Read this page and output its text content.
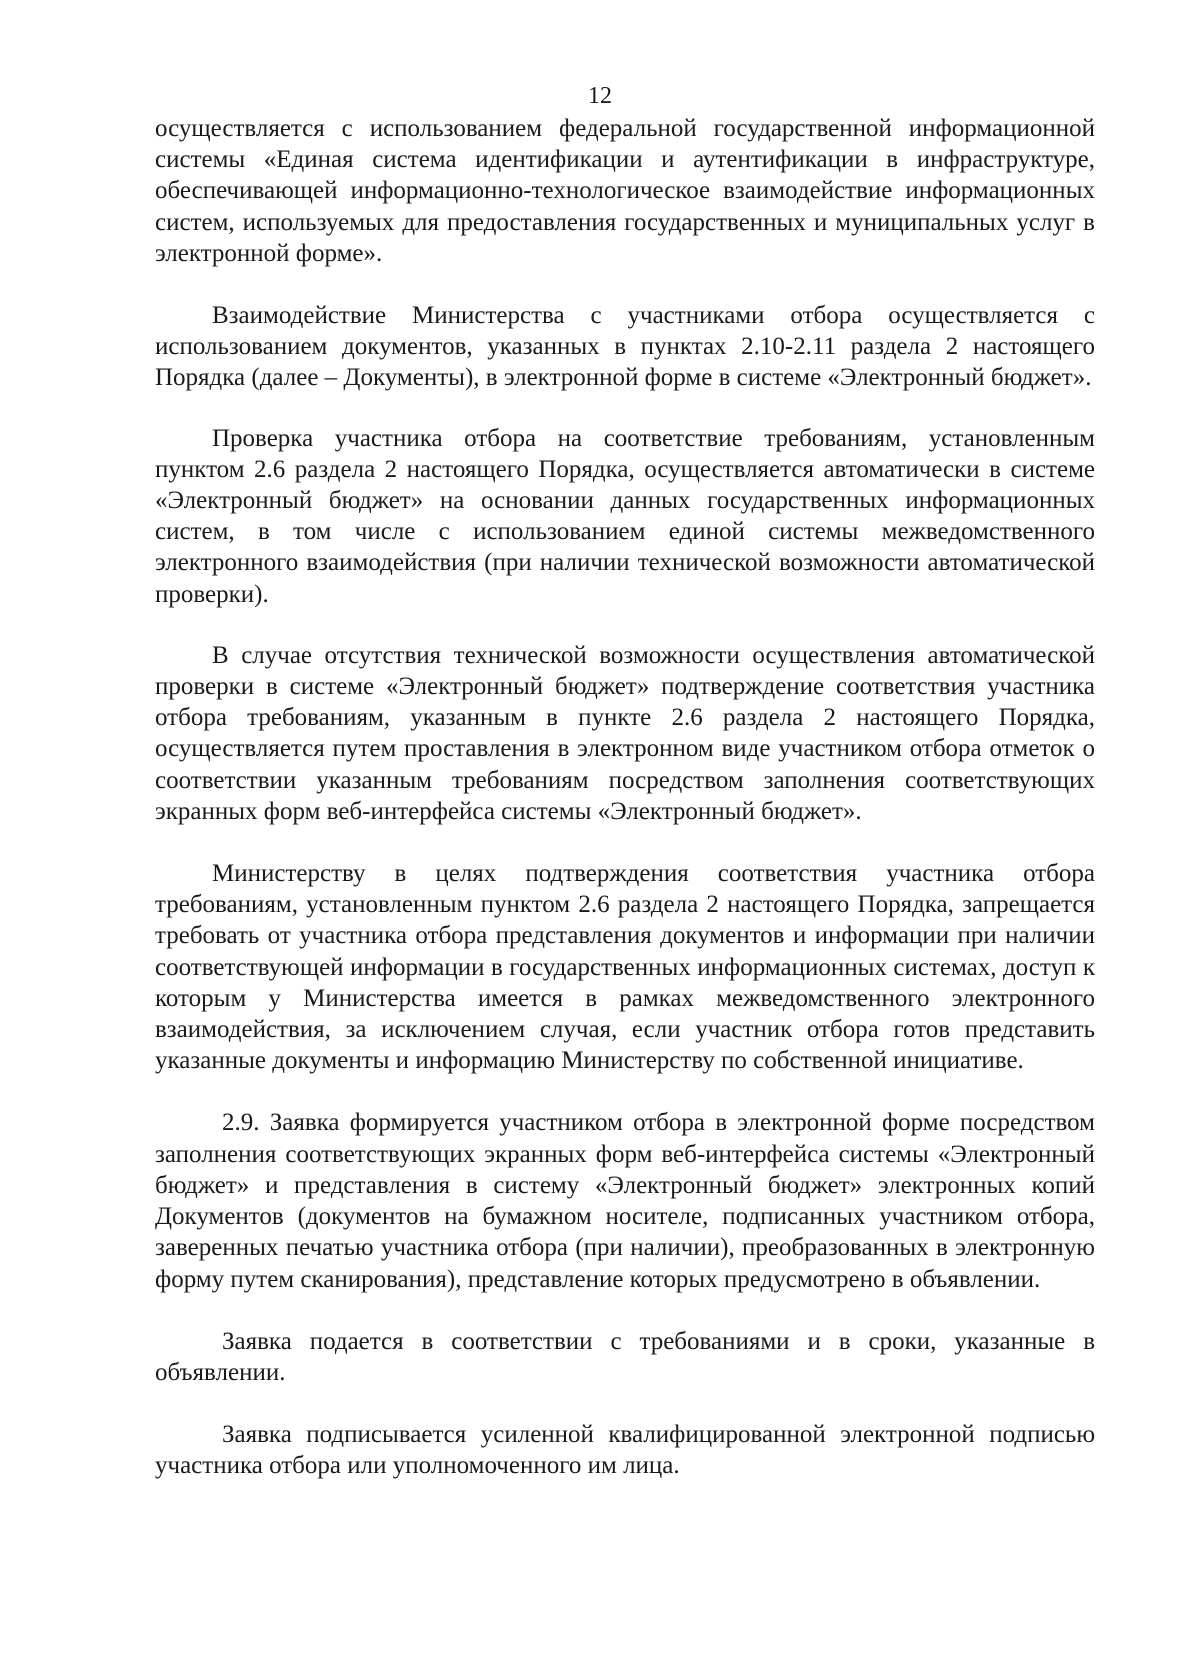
12

осуществляется с использованием федеральной государственной информационной системы «Единая система идентификации и аутентификации в инфраструктуре, обеспечивающей информационно-технологическое взаимодействие информационных систем, используемых для предоставления государственных и муниципальных услуг в электронной форме».

Взаимодействие Министерства с участниками отбора осуществляется с использованием документов, указанных в пунктах 2.10-2.11 раздела 2 настоящего Порядка (далее – Документы), в электронной форме в системе «Электронный бюджет».

Проверка участника отбора на соответствие требованиям, установленным пунктом 2.6 раздела 2 настоящего Порядка, осуществляется автоматически в системе «Электронный бюджет» на основании данных государственных информационных систем, в том числе с использованием единой системы межведомственного электронного взаимодействия (при наличии технической возможности автоматической проверки).

В случае отсутствия технической возможности осуществления автоматической проверки в системе «Электронный бюджет» подтверждение соответствия участника отбора требованиям, указанным в пункте 2.6 раздела 2 настоящего Порядка, осуществляется путем проставления в электронном виде участником отбора отметок о соответствии указанным требованиям посредством заполнения соответствующих экранных форм веб-интерфейса системы «Электронный бюджет».

Министерству в целях подтверждения соответствия участника отбора требованиям, установленным пунктом 2.6 раздела 2 настоящего Порядка, запрещается требовать от участника отбора представления документов и информации при наличии соответствующей информации в государственных информационных системах, доступ к которым у Министерства имеется в рамках межведомственного электронного взаимодействия, за исключением случая, если участник отбора готов представить указанные документы и информацию Министерству по собственной инициативе.

2.9. Заявка формируется участником отбора в электронной форме посредством заполнения соответствующих экранных форм веб-интерфейса системы «Электронный бюджет» и представления в систему «Электронный бюджет» электронных копий Документов (документов на бумажном носителе, подписанных участником отбора, заверенных печатью участника отбора (при наличии), преобразованных в электронную форму путем сканирования), представление которых предусмотрено в объявлении.

Заявка подается в соответствии с требованиями и в сроки, указанные в объявлении.

Заявка подписывается усиленной квалифицированной электронной подписью участника отбора или уполномоченного им лица.
